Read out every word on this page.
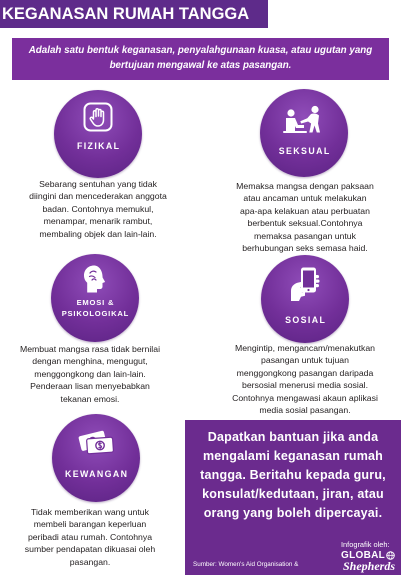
KEGANASAN RUMAH TANGGA
Adalah satu bentuk keganasan, penyalahgunaan kuasa, atau ugutan yang
bertujuan mengawal ke atas pasangan.
FIZIKAL
Sebarang sentuhan yang tidak
diingini dan mencederakan anggota
badan. Contohnya memukul,
menampar, menarik rambut,
membaling objek dan lain-lain.
SEKSUAL
Memaksa mangsa dengan paksaan
atau ancaman untuk melakukan
apa-apa kelakuan atau perbuatan
berbentuk seksual.Contohnya
memaksa pasangan untuk
berhubungan seks semasa haid.
EMOSI &
PSIKOLOGIKAL
Membuat mangsa rasa tidak bernilai
dengan menghina, mengugut,
menggongkong dan lain-lain.
Penderaan lisan menyebabkan
tekanan emosi.
SOSIAL
Mengintip, mengancam/menakutkan
pasangan untuk tujuan
menggongkong pasangan daripada
bersosial menerusi media sosial.
Contohnya mengawasi akaun aplikasi
media sosial pasangan.
KEWANGAN
Tidak memberikan wang untuk
membeli barangan keperluan
peribadi atau rumah. Contohnya
sumber pendapatan dikuasai oleh
pasangan.
Dapatkan bantuan jika anda
mengalami keganasan rumah
tangga. Beritahu kepada guru,
konsulat/kedutaan, jiran, atau
orang yang boleh dipercayai.
Sumber: Women's Aid Organisation &
Infografik oleh:
GLOBAL
Shepherds
